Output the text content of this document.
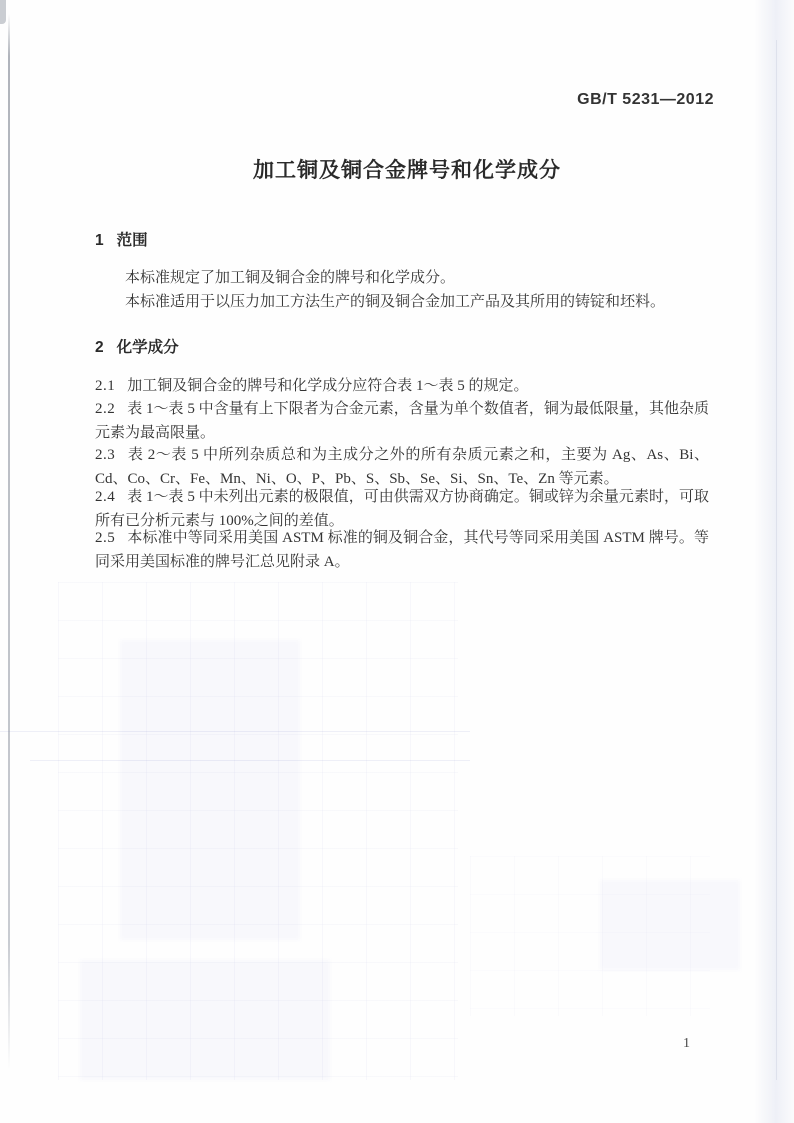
GB/T 5231—2012
加工铜及铜合金牌号和化学成分
1 范围

本标准规定了加工铜及铜合金的牌号和化学成分。

本标准适用于以压力加工方法生产的铜及铜合金加工产品及其所用的铸锭和坯料。

2 化学成分

2.1 加工铜及铜合金的牌号和化学成分应符合表 1～表 5 的规定。

2.2 表 1～表 5 中含量有上下限者为合金元素，含量为单个数值者，铜为最低限量，其他杂质元素为最高限量。

2.3 表 2～表 5 中所列杂质总和为主成分之外的所有杂质元素之和，主要为 Ag、As、Bi、Cd、Co、Cr、Fe、Mn、Ni、O、P、Pb、S、Sb、Se、Si、Sn、Te、Zn 等元素。

2.4 表 1～表 5 中未列出元素的极限值，可由供需双方协商确定。铜或锌为余量元素时，可取所有已分析元素与 100%之间的差值。

2.5 本标准中等同采用美国 ASTM 标准的铜及铜合金，其代号等同采用美国 ASTM 牌号。等同采用美国标准的牌号汇总见附录 A。

1
